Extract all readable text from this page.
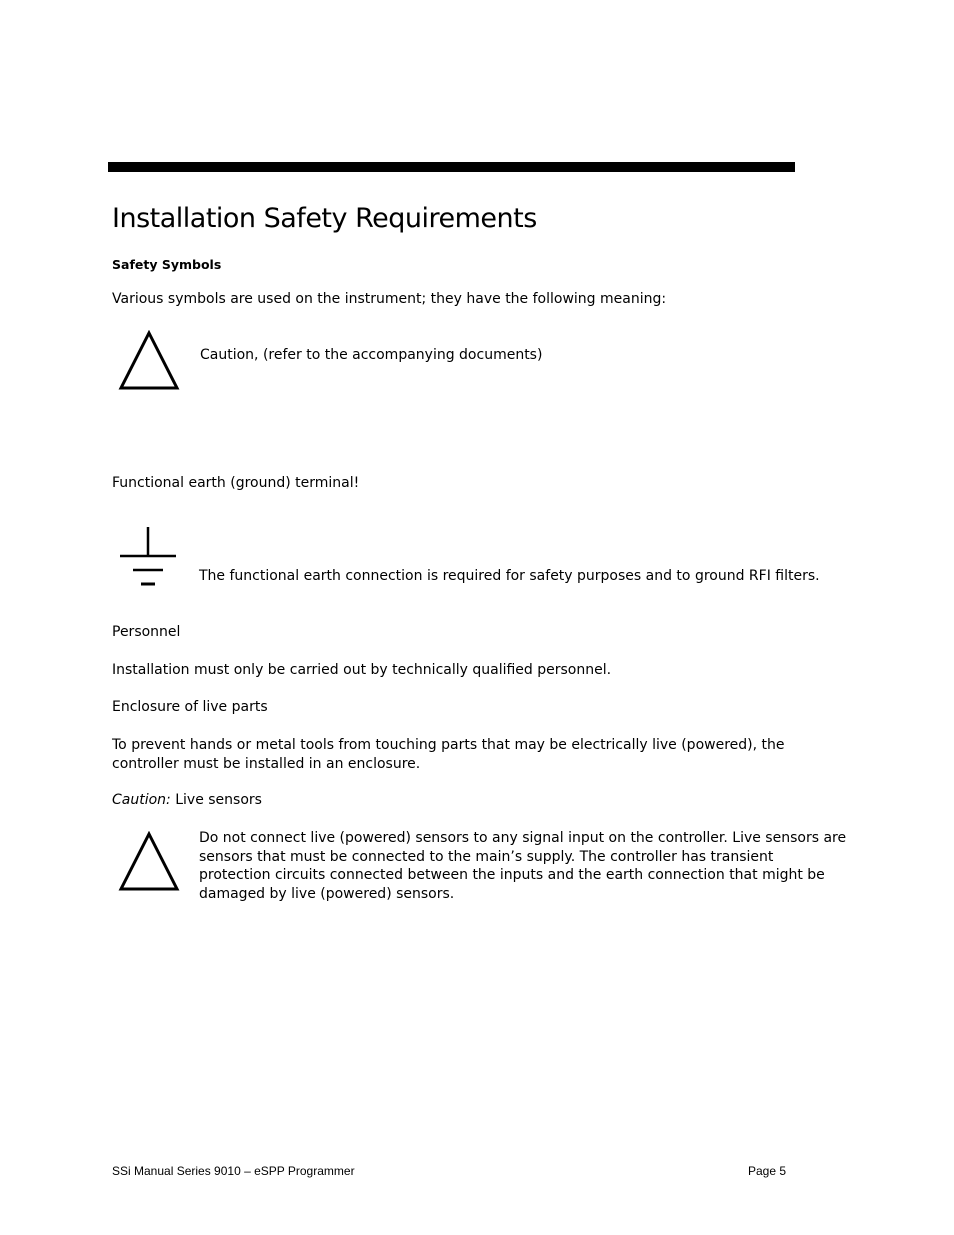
Installation Safety Requirements
Safety Symbols
Various symbols are used on the instrument; they have the following meaning:
Caution, (refer to the accompanying documents)
Functional earth (ground) terminal!
The functional earth connection is required for safety purposes and to ground RFI filters.
Personnel
Installation must only be carried out by technically qualified personnel.
Enclosure of live parts
To prevent hands or metal tools from touching parts that may be electrically live (powered), the controller must be installed in an enclosure.
Caution: Live sensors
Do not connect live (powered) sensors to any signal input on the controller. Live sensors are sensors that must be connected to the main’s supply. The controller has transient protection circuits connected between the inputs and the earth connection that might be damaged by live (powered) sensors.
SSi Manual Series 9010 – eSPP Programmer	Page 5
